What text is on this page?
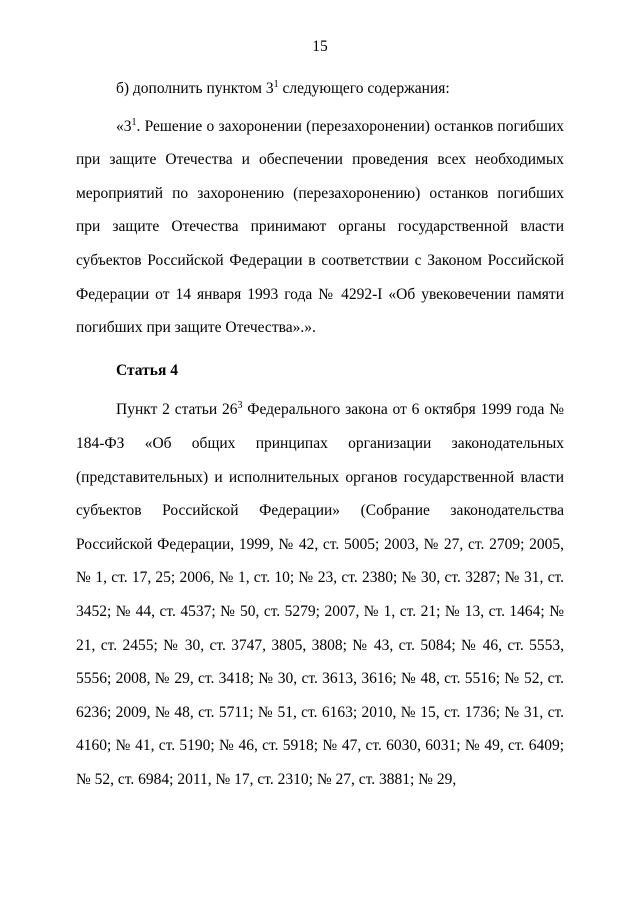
15

б) дополнить пунктом $3^1$ следующего содержания:

«$3^1$. Решение о захоронении (перезахоронении) останков погибших при защите Отечества и обеспечении проведения всех необходимых мероприятий по захоронению (перезахоронению) останков погибших при защите Отечества принимают органы государственной власти субъектов Российской Федерации в соответствии с Законом Российской Федерации от 14 января 1993 года № 4292-I «Об увековечении памяти погибших при защите Отечества».».

Статья 4

Пункт 2 статьи $26^3$ Федерального закона от 6 октября 1999 года № 184-ФЗ «Об общих принципах организации законодательных (представительных) и исполнительных органов государственной власти субъектов Российской Федерации» (Собрание законодательства Российской Федерации, 1999, № 42, ст. 5005; 2003, № 27, ст. 2709; 2005, № 1, ст. 17, 25; 2006, № 1, ст. 10; № 23, ст. 2380; № 30, ст. 3287; № 31, ст. 3452; № 44, ст. 4537; № 50, ст. 5279; 2007, № 1, ст. 21; № 13, ст. 1464; № 21, ст. 2455; № 30, ст. 3747, 3805, 3808; № 43, ст. 5084; № 46, ст. 5553, 5556; 2008, № 29, ст. 3418; № 30, ст. 3613, 3616; № 48, ст. 5516; № 52, ст. 6236; 2009, № 48, ст. 5711; № 51, ст. 6163; 2010, № 15, ст. 1736; № 31, ст. 4160; № 41, ст. 5190; № 46, ст. 5918; № 47, ст. 6030, 6031; № 49, ст. 6409; № 52, ст. 6984; 2011, № 17, ст. 2310; № 27, ст. 3881; № 29,
